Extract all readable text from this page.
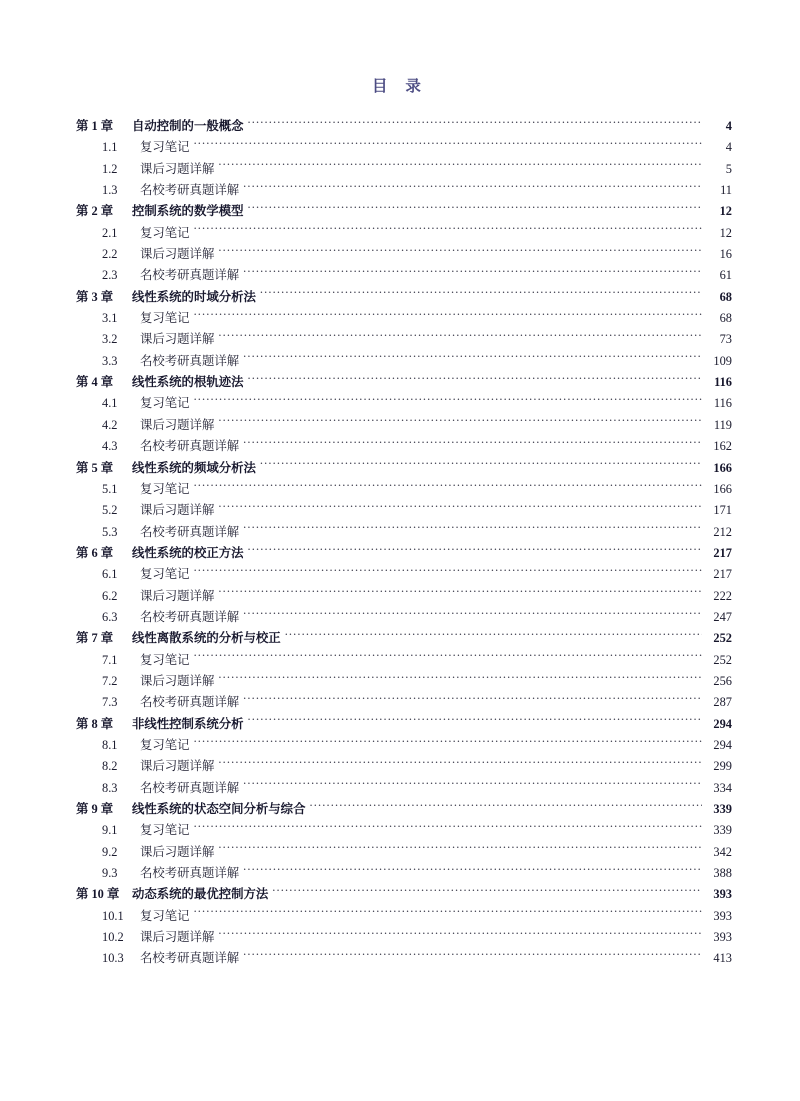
目 录
第 1 章	自动控制的一般概念 .....	4
1.1	复习笔记 .....	4
1.2	课后习题详解 .....	5
1.3	名校考研真题详解 .....	11
第 2 章	控制系统的数学模型 .....	12
2.1	复习笔记 .....	12
2.2	课后习题详解 .....	16
2.3	名校考研真题详解 .....	61
第 3 章	线性系统的时域分析法 .....	68
3.1	复习笔记 .....	68
3.2	课后习题详解 .....	73
3.3	名校考研真题详解 .....	109
第 4 章	线性系统的根轨迹法 .....	116
4.1	复习笔记 .....	116
4.2	课后习题详解 .....	119
4.3	名校考研真题详解 .....	162
第 5 章	线性系统的频域分析法 .....	166
5.1	复习笔记 .....	166
5.2	课后习题详解 .....	171
5.3	名校考研真题详解 .....	212
第 6 章	线性系统的校正方法 .....	217
6.1	复习笔记 .....	217
6.2	课后习题详解 .....	222
6.3	名校考研真题详解 .....	247
第 7 章	线性离散系统的分析与校正 .....	252
7.1	复习笔记 .....	252
7.2	课后习题详解 .....	256
7.3	名校考研真题详解 .....	287
第 8 章	非线性控制系统分析 .....	294
8.1	复习笔记 .....	294
8.2	课后习题详解 .....	299
8.3	名校考研真题详解 .....	334
第 9 章	线性系统的状态空间分析与综合 .....	339
9.1	复习笔记 .....	339
9.2	课后习题详解 .....	342
9.3	名校考研真题详解 .....	388
第 10 章	动态系统的最优控制方法 .....	393
10.1	复习笔记 .....	393
10.2	课后习题详解 .....	393
10.3	名校考研真题详解 .....	413
